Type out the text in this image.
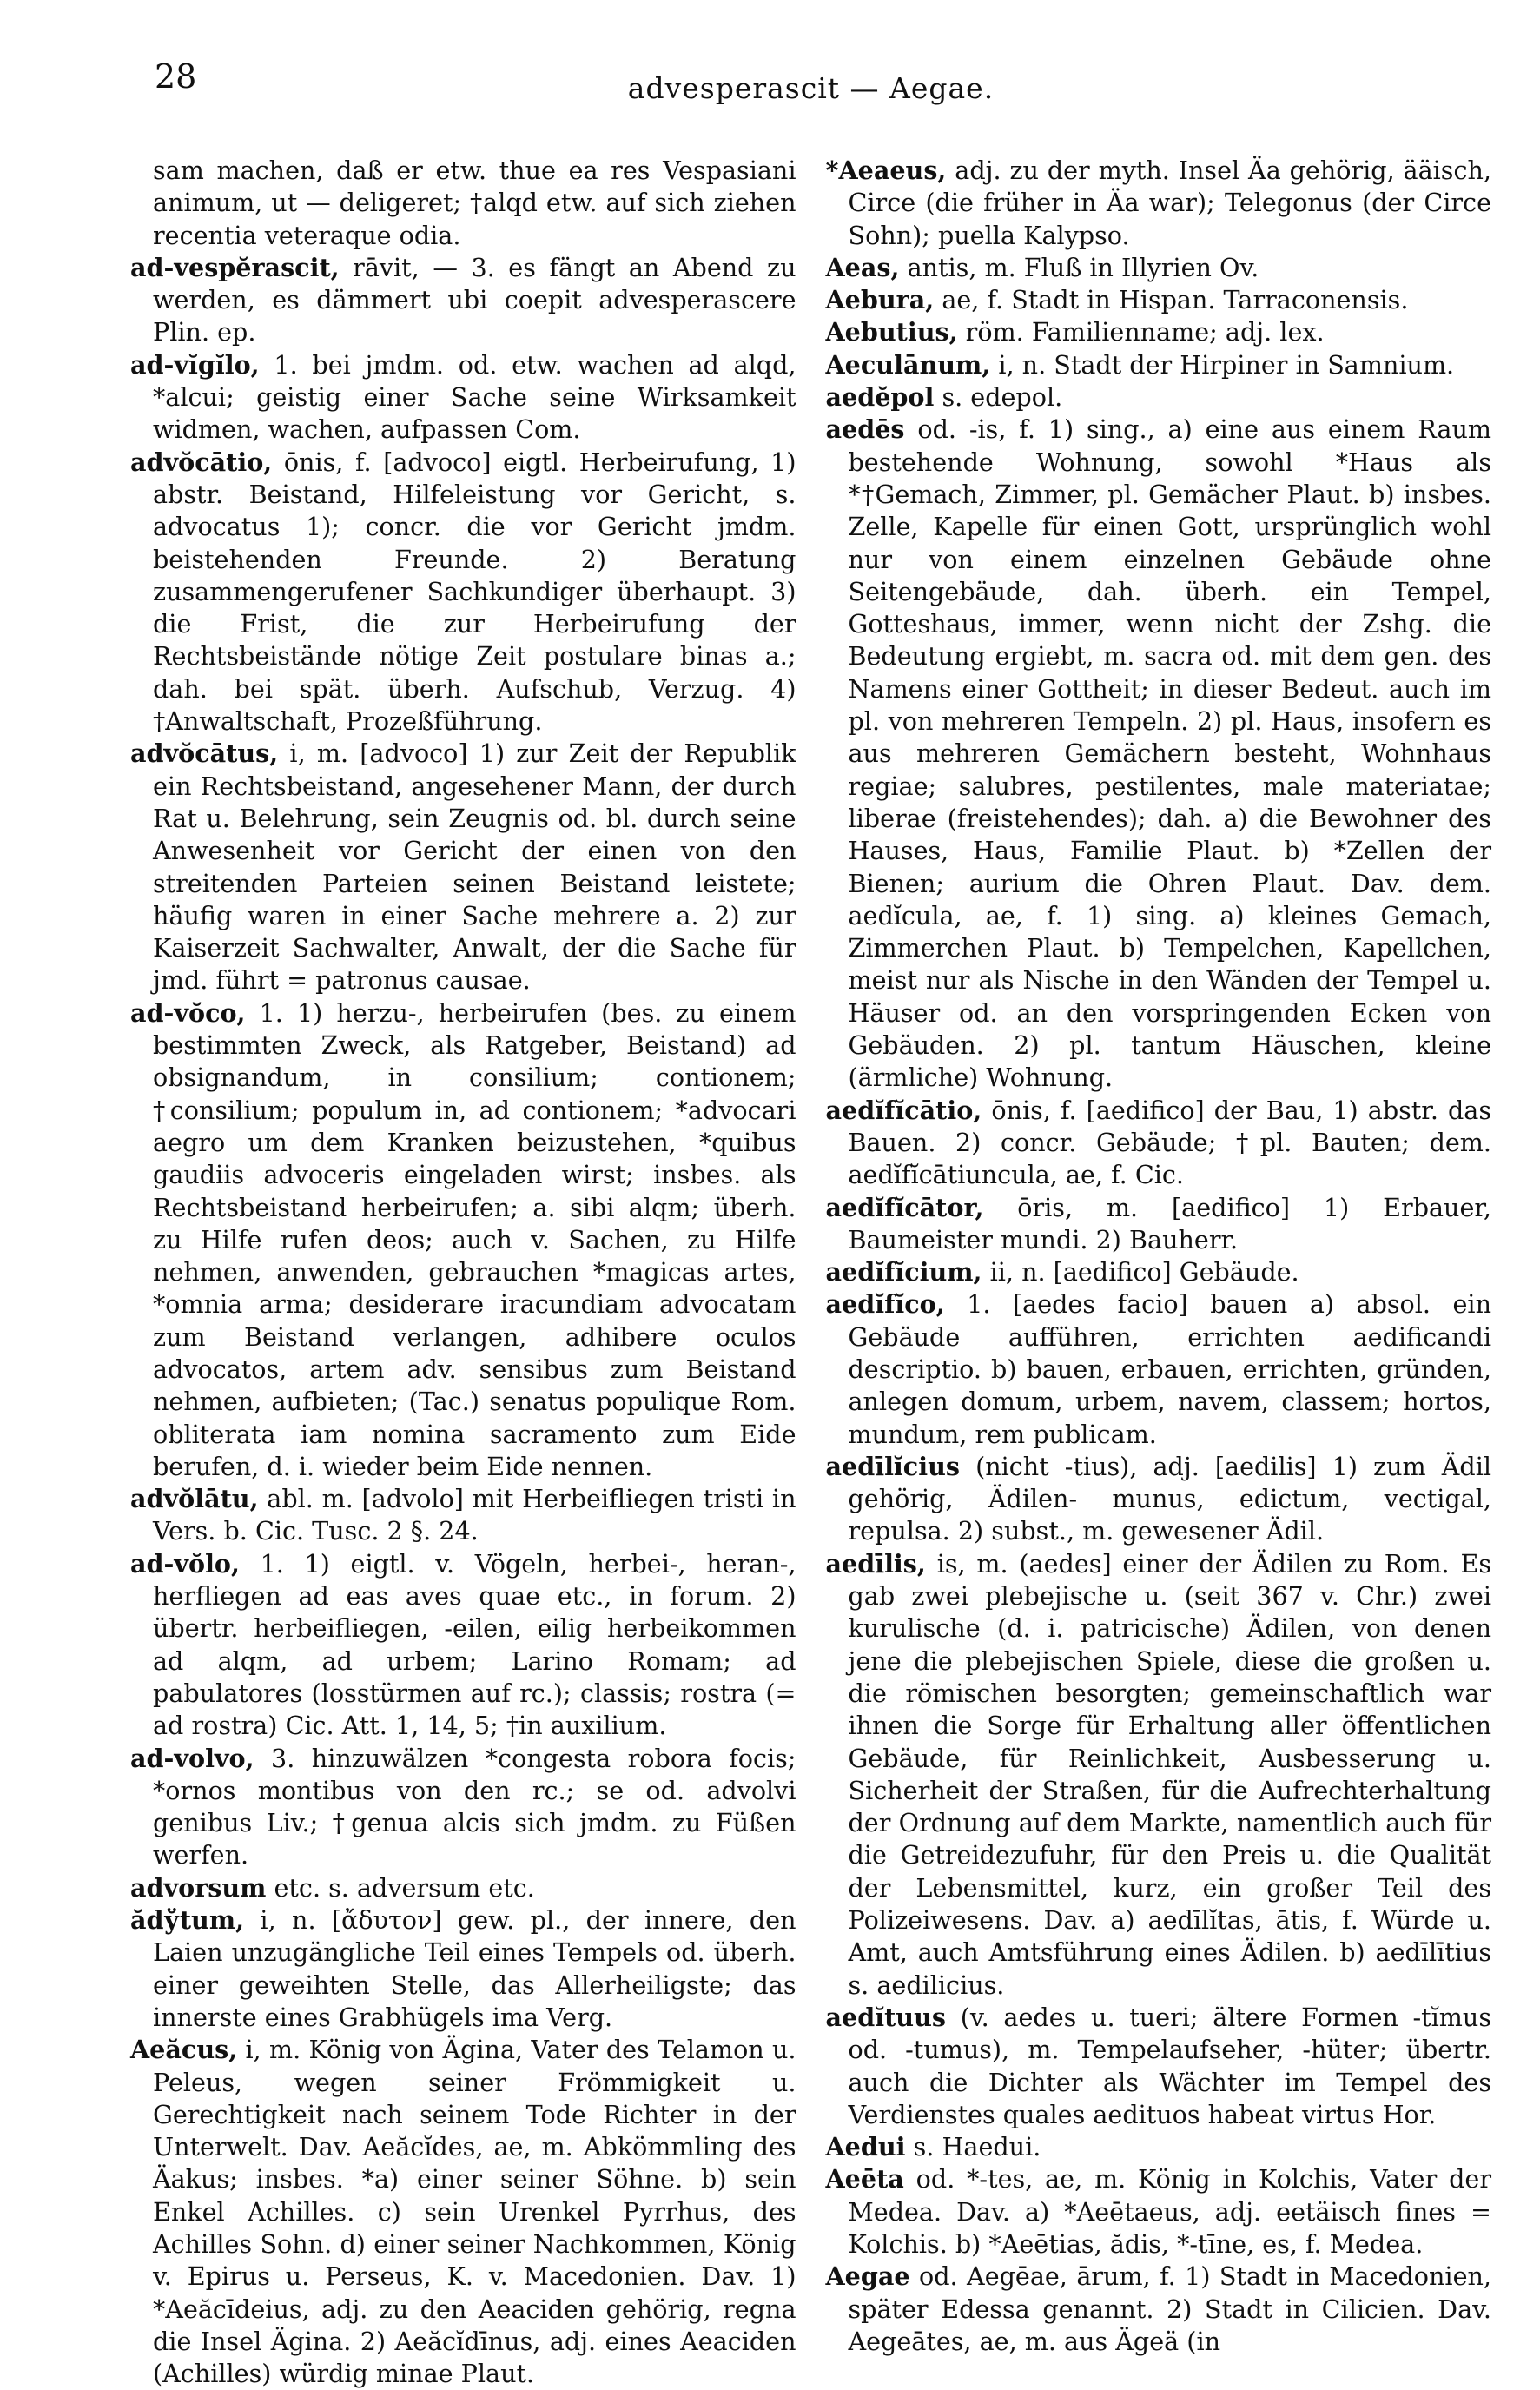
28	advesperascit — Aegae.

sam machen, daß er etw. thue ea res Vespasiani animum, ut — deligeret; †alqd etw. auf sich ziehen recentia veteraque odia.

ad-vespĕrascit, rāvit, — 3. es fängt an Abend zu werden, es dämmert ubi coepit advesperascere Plin. ep.

ad-vĭgĭlo, 1. bei jmdm. od. etw. wachen ad alqd, *alcui; geistig einer Sache seine Wirksamkeit widmen, wachen, aufpassen Com.

advŏcātio, ōnis, f. [advoco] eigtl. Herbeirufung, 1) abstr. Beistand, Hilfeleistung vor Gericht, s. advocatus 1); concr. die vor Gericht jmdm. beistehenden Freunde. 2) Beratung zusammengerufener Sachkundiger überhaupt. 3) die Frist, die zur Herbeirufung der Rechtsbeistände nötige Zeit postulare binas a.; dah. bei spät. überh. Aufschub, Verzug. 4) †Anwaltschaft, Prozeßführung.

advŏcātus, i, m. [advoco] 1) zur Zeit der Republik ein Rechtsbeistand, angesehener Mann, der durch Rat u. Belehrung, sein Zeugnis od. bl. durch seine Anwesenheit vor Gericht der einen von den streitenden Parteien seinen Beistand leistete; häufig waren in einer Sache mehrere a. 2) zur Kaiserzeit Sachwalter, Anwalt, der die Sache für jmd. führt = patronus causae.

ad-vŏco, 1. 1) herzu-, herbeirufen (bes. zu einem bestimmten Zweck, als Ratgeber, Beistand) ad obsignandum, in consilium; contionem; †consilium; populum in, ad contionem; *advocari aegro um dem Kranken beizustehen, *quibus gaudiis advoceris eingeladen wirst; insbes. als Rechtsbeistand herbeirufen; a. sibi alqm; überh. zu Hilfe rufen deos; auch v. Sachen, zu Hilfe nehmen, anwenden, gebrauchen *magicas artes, *omnia arma; desiderare iracundiam advocatam zum Beistand verlangen, adhibere oculos advocatos, artem adv. sensibus zum Beistand nehmen, aufbieten; (Tac.) senatus populique Rom. obliterata iam nomina sacramento zum Eide berufen, d. i. wieder beim Eide nennen.

advŏlātu, abl. m. [advolo] mit Herbeifliegen tristi in Vers. b. Cic. Tusc. 2 §. 24.

ad-vŏlo, 1. 1) eigtl. v. Vögeln, herbei-, heran-, herfliegen ad eas aves quae etc., in forum. 2) übertr. herbeifliegen, -eilen, eilig herbeikommen ad alqm, ad urbem; Larino Romam; ad pabulatores (losstürmen auf rc.); classis; rostra (= ad rostra) Cic. Att. 1, 14, 5; †in auxilium.

ad-volvo, 3. hinzuwälzen *congesta robora focis; *ornos montibus von den rc.; se od. advolvi genibus Liv.; †genua alcis sich jmdm. zu Füßen werfen.

advorsum etc. s. adversum etc.

ădўtum, i, n. [ἄδυτον] gew. pl., der innere, den Laien unzugängliche Teil eines Tempels od. überh. einer geweihten Stelle, das Allerheiligste; das innerste eines Grabhügels ima Verg.

Aeăcus, i, m. König von Ägina, Vater des Telamon u. Peleus, wegen seiner Frömmigkeit u. Gerechtigkeit nach seinem Tode Richter in der Unterwelt. Dav. Aeăcĭdes, ae, m. Abkömmling des Äakus; insbes. *a) einer seiner Söhne. b) sein Enkel Achilles. c) sein Urenkel Pyrrhus, des Achilles Sohn. d) einer seiner Nachkommen, König v. Epirus u. Perseus, K. v. Macedonien. Dav. 1) *Aeăcīdeius, adj. zu den Aeaciden gehörig, regna die Insel Ägina. 2) Aeăcĭdīnus, adj. eines Aeaciden (Achilles) würdig minae Plaut.

*Aeaeus, adj. zu der myth. Insel Äa gehörig, ääisch, Circe (die früher in Äa war); Telegonus (der Circe Sohn); puella Kalypso.

Aeas, antis, m. Fluß in Illyrien Ov.

Aebura, ae, f. Stadt in Hispan. Tarraconensis.

Aebutius, röm. Familienname; adj. lex.

Aeculānum, i, n. Stadt der Hirpiner in Samnium.

aedĕpol s. edepol.

aedēs od. -is, f. 1) sing., a) eine aus einem Raum bestehende Wohnung, sowohl *Haus als *†Gemach, Zimmer, pl. Gemächer Plaut. b) insbes. Zelle, Kapelle für einen Gott, ursprünglich wohl nur von einem einzelnen Gebäude ohne Seitengebäude, dah. überh. ein Tempel, Gotteshaus, immer, wenn nicht der Zshg. die Bedeutung ergiebt, m. sacra od. mit dem gen. des Namens einer Gottheit; in dieser Bedeut. auch im pl. von mehreren Tempeln. 2) pl. Haus, insofern es aus mehreren Gemächern besteht, Wohnhaus regiae; salubres, pestilentes, male materiatae; liberae (freistehendes); dah. a) die Bewohner des Hauses, Haus, Familie Plaut. b) *Zellen der Bienen; aurium die Ohren Plaut. Dav. dem. aedĭcula, ae, f. 1) sing. a) kleines Gemach, Zimmerchen Plaut. b) Tempelchen, Kapellchen, meist nur als Nische in den Wänden der Tempel u. Häuser od. an den vorspringenden Ecken von Gebäuden. 2) pl. tantum Häuschen, kleine (ärmliche) Wohnung.

aedĭfĭcātio, ōnis, f. [aedifico] der Bau, 1) abstr. das Bauen. 2) concr. Gebäude; †pl. Bauten; dem. aedĭfĭcātiuncula, ae, f. Cic.

aedĭfĭcātor, ōris, m. [aedifico] 1) Erbauer, Baumeister mundi. 2) Bauherr.

aedĭfĭcium, ii, n. [aedifico] Gebäude.

aedĭfĭco, 1. [aedes facio] bauen a) absol. ein Gebäude aufführen, errichten aedificandi descriptio. b) bauen, erbauen, errichten, gründen, anlegen domum, urbem, navem, classem; hortos, mundum, rem publicam.

aedīlĭcius (nicht -tius), adj. [aedilis] 1) zum Ädil gehörig, Ädilen- munus, edictum, vectigal, repulsa. 2) subst., m. gewesener Ädil.

aedīlis, is, m. (aedes] einer der Ädilen zu Rom. Es gab zwei plebejische u. (seit 367 v. Chr.) zwei kurulische (d. i. patricische) Ädilen, von denen jene die plebejischen Spiele, diese die großen u. die römischen besorgten; gemeinschaftlich war ihnen die Sorge für Erhaltung aller öffentlichen Gebäude, für Reinlichkeit, Ausbesserung u. Sicherheit der Straßen, für die Aufrechterhaltung der Ordnung auf dem Markte, namentlich auch für die Getreidezufuhr, für den Preis u. die Qualität der Lebensmittel, kurz, ein großer Teil des Polizeiwesens. Dav. a) aedīlĭtas, ātis, f. Würde u. Amt, auch Amtsführung eines Ädilen. b) aedīlītius s. aedilicius.

aedĭtuus (v. aedes u. tueri; ältere Formen -tĭmus od. -tumus), m. Tempelaufseher, -hüter; übertr. auch die Dichter als Wächter im Tempel des Verdienstes quales aedituos habeat virtus Hor.

Aedui s. Haedui.

Aeēta od. *-tes, ae, m. König in Kolchis, Vater der Medea. Dav. a) *Aeētaeus, adj. eetäisch fines = Kolchis. b) *Aeētias, ădis, *-tīne, es, f. Medea.

Aegae od. Aegēae, ārum, f. 1) Stadt in Macedonien, später Edessa genannt. 2) Stadt in Cilicien. Dav. Aegeātes, ae, m. aus Ägeä (in
